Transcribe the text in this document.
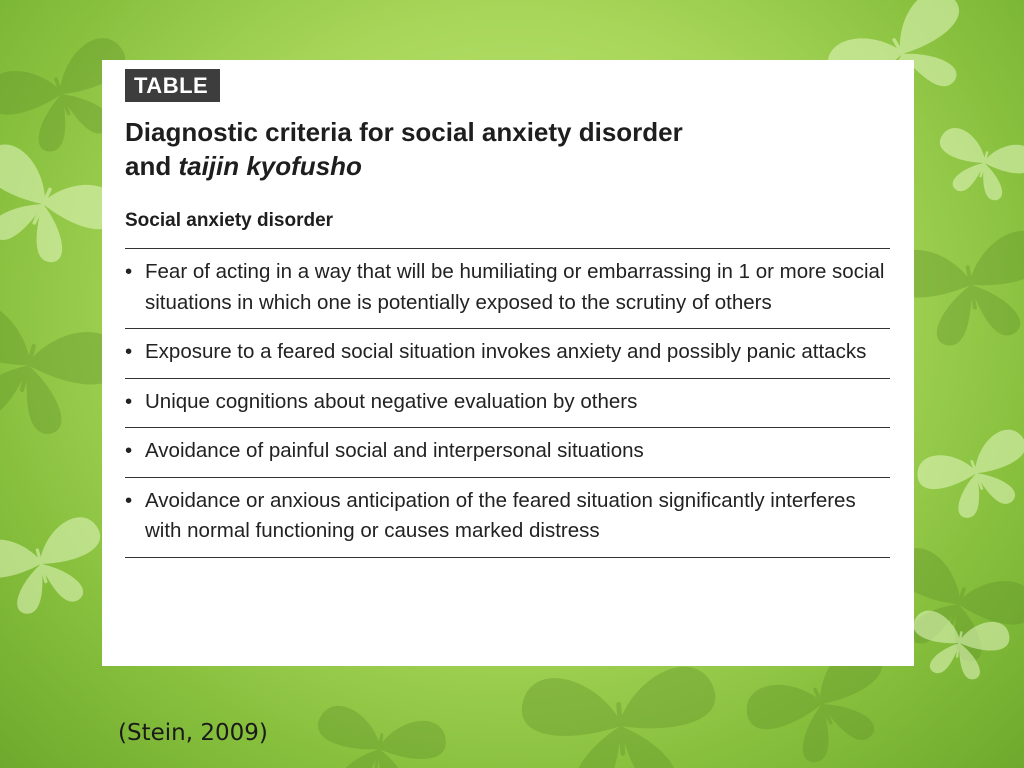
TABLE
Diagnostic criteria for social anxiety disorder
and taijin kyofusho
Social anxiety disorder
• Fear of acting in a way that will be humiliating or embarrassing in 1 or more social situations in which one is potentially exposed to the scrutiny of others
• Exposure to a feared social situation invokes anxiety and possibly panic attacks
• Unique cognitions about negative evaluation by others
• Avoidance of painful social and interpersonal situations
• Avoidance or anxious anticipation of the feared situation significantly interferes with normal functioning or causes marked distress
(Stein, 2009)
